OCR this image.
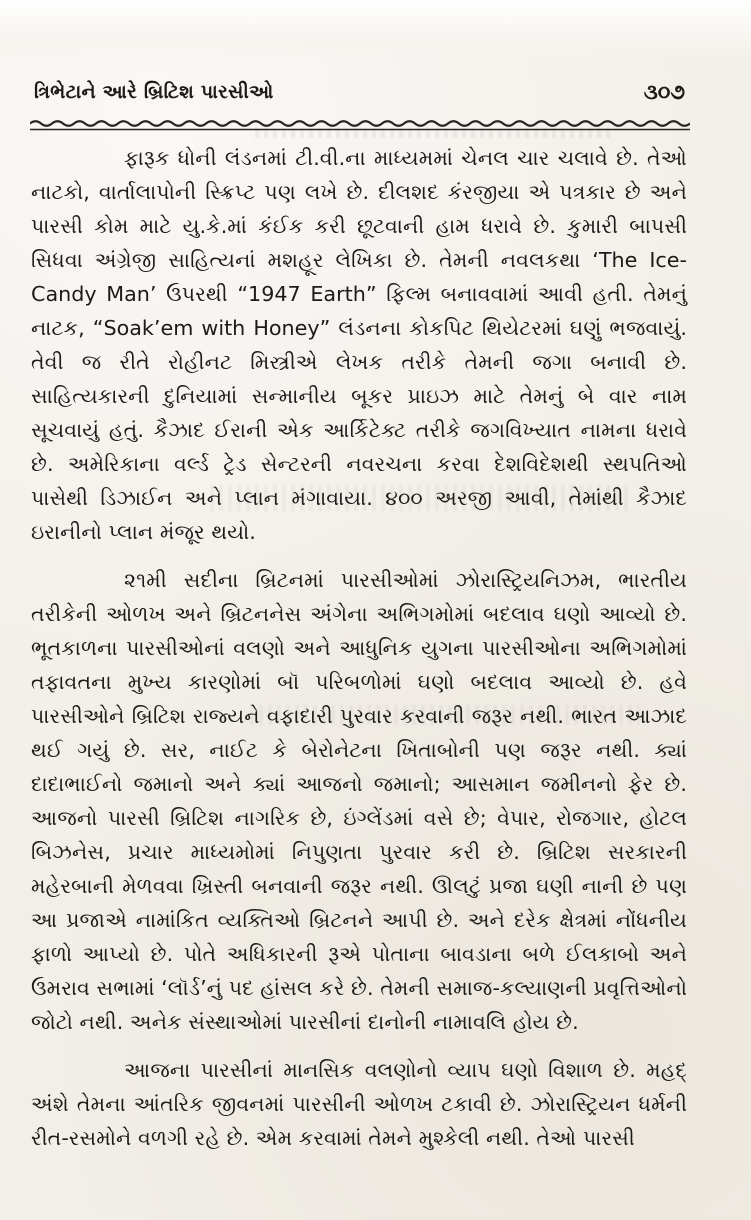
ત્રિભેટાને આરે બ્રિટિશ પારસીઓ	૩૦૭

ફારૂક ધોની લંડનમાં ટી.વી.ના માધ્યમમાં ચેનલ ચાર ચલાવે છે. તેઓ નાટકો, વાર્તાલાપોની સ્ક્રિપ્ટ પણ લખે છે. દીલશદ કંરજીયા એ પત્રકાર છે અને પારસી કોમ માટે યુ.કે.માં કંઈક કરી છૂટવાની હામ ધરાવે છે. કુમારી બાપસી સિધવા અંગ્રેજી સાહિત્યનાં મશહૂર લેખિકા છે. તેમની નવલકથા ‘The Ice-Candy Man’ ઉપરથી “1947 Earth” ફિલ્મ બનાવવામાં આવી હતી. તેમનું નાટક, “Soak’em with Honey” લંડનના કોકપિટ થિયેટરમાં ઘણું ભજવાયું. તેવી જ રીતે રોહીનટ મિસ્ત્રીએ લેખક તરીકે તેમની જગા બનાવી છે. સાહિત્યકારની દુનિયામાં સન્માનીય બૂકર પ્રાઇઝ માટે તેમનું બે વાર નામ સૂચવાયું હતું. કૈઝાદ ઈરાની એક આર્કિટેક્ટ તરીકે જગવિખ્યાત નામના ધરાવે છે. અમેરિકાના વર્લ્ડ ટ્રેડ સેન્ટરની નવરચના કરવા દેશવિદેશથી સ્થપતિઓ પાસેથી ડિઝાઈન અને પ્લાન મંગાવાયા. ૪૦૦ અરજી આવી, તેમાંથી કૈઝાદ ઇરાનીનો પ્લાન મંજૂર થયો.

૨૧મી સદીના બ્રિટનમાં પારસીઓમાં ઝોરાસ્ટ્રિયનિઝમ, ભારતીય તરીકેની ઓળખ અને બ્રિટનનેસ અંગેના અભિગમોમાં બદલાવ ઘણો આવ્યો છે. ભૂતકાળના પારસીઓનાં વલણો અને આધુનિક યુગના પારસીઓના અભિગમોમાં તફાવતના મુખ્ય કારણોમાં બૉ પરિબળોમાં ઘણો બદલાવ આવ્યો છે. હવે પારસીઓને બ્રિટિશ રાજ્યને વફાદારી પુરવાર કરવાની જરૂર નથી. ભારત આઝાદ થઈ ગયું છે. સર, નાઈટ કે બેરોનેટના ખિતાબોની પણ જરૂર નથી. ક્યાં દાદાભાઈનો જમાનો અને ક્યાં આજનો જમાનો; આસમાન જમીનનો ફેર છે. આજનો પારસી બ્રિટિશ નાગરિક છે, ઇંગ્લેંડમાં વસે છે; વેપાર, રોજગાર, હોટલ બિઝનેસ, પ્રચાર માધ્યમોમાં નિપુણતા પુરવાર કરી છે. બ્રિટિશ સરકારની મહેરબાની મેળવવા ખ્રિસ્તી બનવાની જરૂર નથી. ઊલટું પ્રજા ઘણી નાની છે પણ આ પ્રજાએ નામાંકિત વ્યક્તિઓ બ્રિટનને આપી છે. અને દરેક ક્ષેત્રમાં નોંધનીય ફાળો આપ્યો છે. પોતે અધિકારની રૂએ પોતાના બાવડાના બળે ઈલકાબો અને ઉમરાવ સભામાં ‘લૉર્ડ’નું પદ હાંસલ કરે છે. તેમની સમાજ-કલ્યાણની પ્રવૃત્તિઓનો જોટો નથી. અનેક સંસ્થાઓમાં પારસીનાં દાનોની નામાવલિ હોય છે.

આજના પારસીનાં માનસિક વલણોનો વ્યાપ ઘણો વિશાળ છે. મહદ્ અંશે તેમના આંતરિક જીવનમાં પારસીની ઓળખ ટકાવી છે. ઝોરાસ્ટ્રિયન ધર્મની રીત-રસમોને વળગી રહે છે. એમ કરવામાં તેમને મુશ્કેલી નથી. તેઓ પારસી
